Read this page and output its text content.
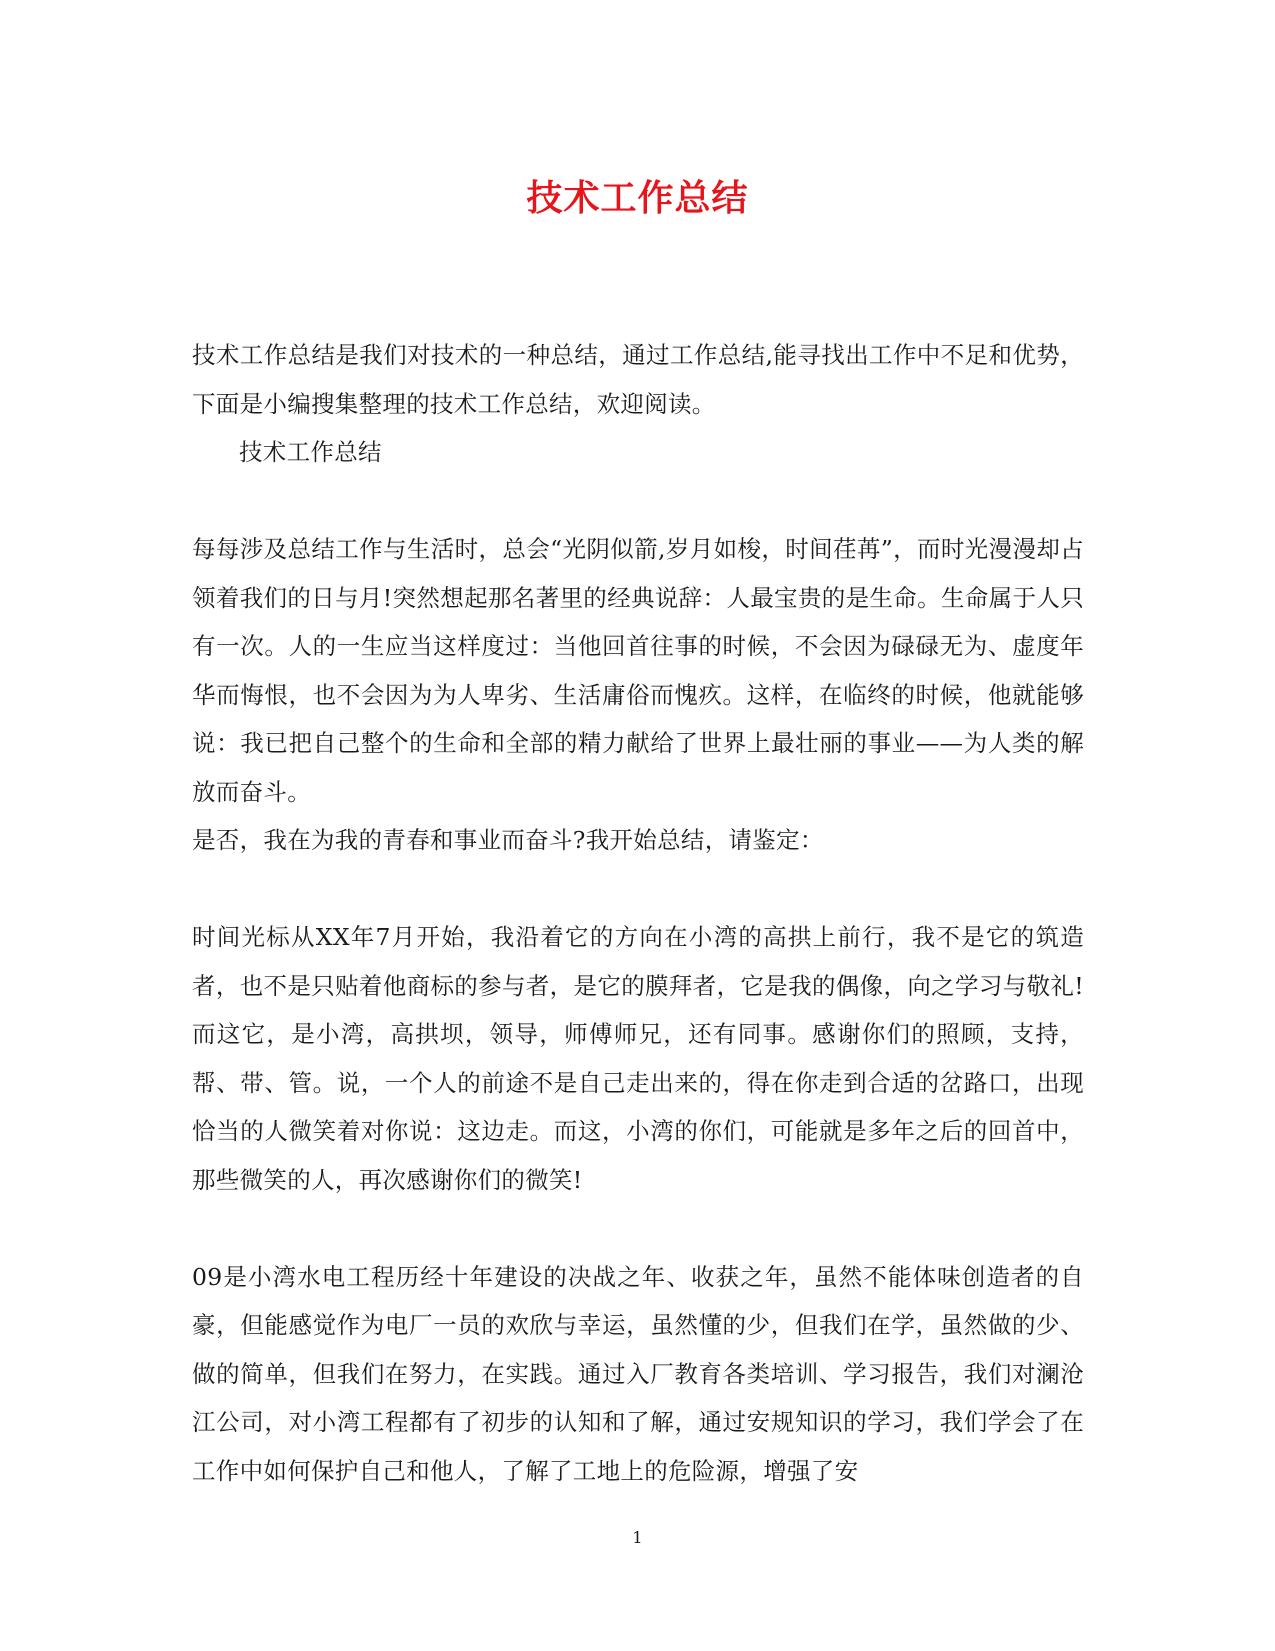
技术工作总结

技术工作总结是我们对技术的一种总结，通过工作总结,能寻找出工作中不足和优势，下面是小编搜集整理的技术工作总结，欢迎阅读。

技术工作总结

每每涉及总结工作与生活时，总会“光阴似箭,岁月如梭，时间荏苒”，而时光漫漫却占领着我们的日与月!突然想起那名著里的经典说辞：人最宝贵的是生命。生命属于人只有一次。人的一生应当这样度过：当他回首往事的时候，不会因为碌碌无为、虚度年华而悔恨，也不会因为为人卑劣、生活庸俗而愧疚。这样，在临终的时候，他就能够说：我已把自己整个的生命和全部的精力献给了世界上最壮丽的事业——为人类的解放而奋斗。

是否，我在为我的青春和事业而奋斗?我开始总结，请鉴定：

时间光标从XX年7月开始，我沿着它的方向在小湾的高拱上前行，我不是它的筑造者，也不是只贴着他商标的参与者，是它的膜拜者，它是我的偶像，向之学习与敬礼!而这它，是小湾，高拱坝，领导，师傅师兄，还有同事。感谢你们的照顾，支持，帮、带、管。说，一个人的前途不是自己走出来的，得在你走到合适的岔路口，出现恰当的人微笑着对你说：这边走。而这，小湾的你们，可能就是多年之后的回首中，那些微笑的人，再次感谢你们的微笑!

09是小湾水电工程历经十年建设的决战之年、收获之年，虽然不能体味创造者的自豪，但能感觉作为电厂一员的欢欣与幸运，虽然懂的少，但我们在学，虽然做的少、做的简单，但我们在努力，在实践。通过入厂教育各类培训、学习报告，我们对澜沧江公司，对小湾工程都有了初步的认知和了解，通过安规知识的学习，我们学会了在工作中如何保护自己和他人，了解了工地上的危险源，增强了安

1
